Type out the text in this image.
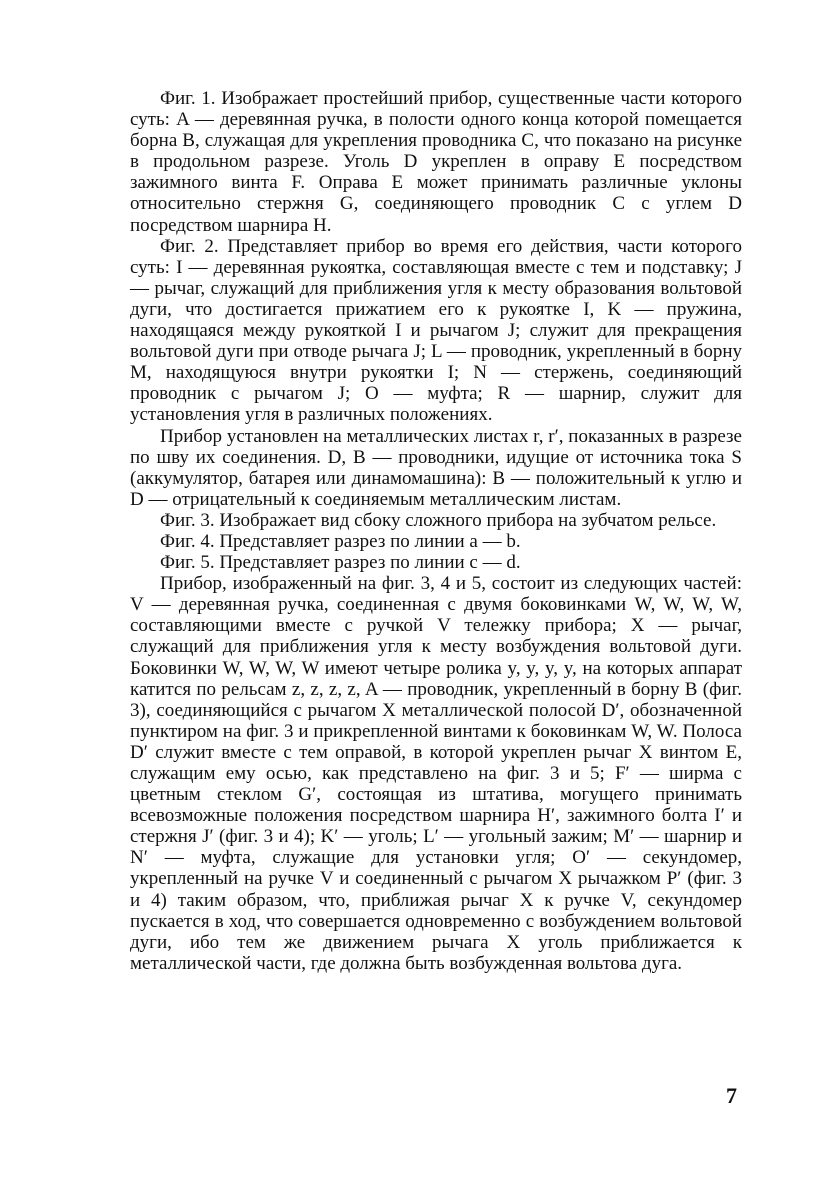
Фиг. 1. Изображает простейший прибор, существенные части которого суть: A — деревянная ручка, в полости одного конца которой помещается борна B, служащая для укрепления проводника C, что показано на рисунке в продольном разрезе. Уголь D укреплен в оправу E посредством зажимного винта F. Оправа E может принимать различные уклоны относительно стержня G, соединяющего проводник C с углем D посредством шарнира H.

Фиг. 2. Представляет прибор во время его действия, части которого суть: I — деревянная рукоятка, составляющая вместе с тем и подставку; J — рычаг, служащий для приближения угля к месту образования вольтовой дуги, что достигается прижатием его к рукоятке I, K — пружина, находящаяся между рукояткой I и рычагом J; служит для прекращения вольтовой дуги при отводе рычага J; L — проводник, укрепленный в борну M, находящуюся внутри рукоятки I; N — стержень, соединяющий проводник с рычагом J; O — муфта; R — шарнир, служит для установления угля в различных положениях.

Прибор установлен на металлических листах r, r′, показанных в разрезе по шву их соединения. D, B — проводники, идущие от источника тока S (аккумулятор, батарея или динамомашина): B — положительный к углю и D — отрицательный к соединяемым металлическим листам.

Фиг. 3. Изображает вид сбоку сложного прибора на зубчатом рельсе.

Фиг. 4. Представляет разрез по линии a — b.

Фиг. 5. Представляет разрез по линии c — d.

Прибор, изображенный на фиг. 3, 4 и 5, состоит из следующих частей: V — деревянная ручка, соединенная с двумя боковинками W, W, W, W, составляющими вместе с ручкой V тележку прибора; X — рычаг, служащий для приближения угля к месту возбуждения вольтовой дуги. Боковинки W, W, W, W имеют четыре ролика y, y, y, y, на которых аппарат катится по рельсам z, z, z, z, A — проводник, укрепленный в борну B (фиг. 3), соединяющийся с рычагом X металлической полосой D′, обозначенной пунктиром на фиг. 3 и прикрепленной винтами к боковинкам W, W. Полоса D′ служит вместе с тем оправой, в которой укреплен рычаг X винтом E, служащим ему осью, как представлено на фиг. 3 и 5; F′ — ширма с цветным стеклом G′, состоящая из штатива, могущего принимать всевозможные положения посредством шарнира H′, зажимного болта I′ и стержня J′ (фиг. 3 и 4); K′ — уголь; L′ — угольный зажим; M′ — шарнир и N′ — муфта, служащие для установки угля; O′ — секундомер, укрепленный на ручке V и соединенный с рычагом X рычажком P′ (фиг. 3 и 4) таким образом, что, приближая рычаг X к ручке V, секундомер пускается в ход, что совершается одновременно с возбуждением вольтовой дуги, ибо тем же движением рычага X уголь приближается к металлической части, где должна быть возбужденная вольтова дуга.

7
